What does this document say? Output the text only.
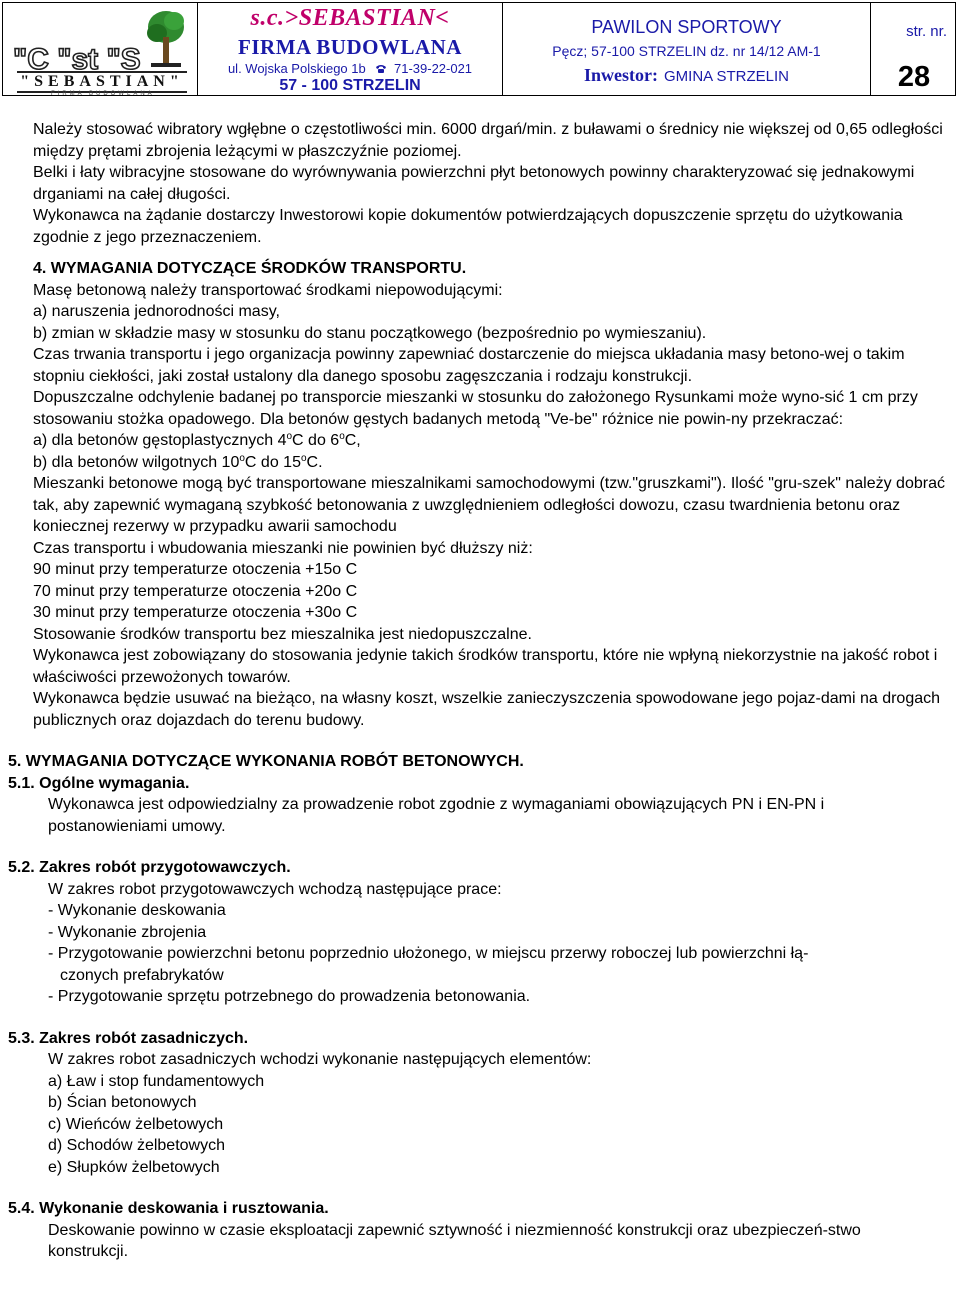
ʺC ʺst ʺS
"SEBASTIAN"
FIRMA BUDOWLANA
s.c.>SEBASTIAN<
FIRMA BUDOWLANA
ul. Wojska Polskiego 1b 71-39-22-021
57 - 100 STRZELIN
PAWILON SPORTOWY
Pęcz; 57-100 STRZELIN dz. nr 14/12 AM-1
Inwestor: GMINA STRZELIN
str. nr.
28

Należy stosować wibratory wgłębne o częstotliwości min. 6000 drgań/min. z buławami o średnicy nie większej od 0,65 odległości między prętami zbrojenia leżącymi w płaszczyźnie poziomej.

Belki i łaty wibracyjne stosowane do wyrównywania powierzchni płyt betonowych powinny charakteryzować się jednakowymi drganiami na całej długości.

Wykonawca na żądanie dostarczy Inwestorowi kopie dokumentów potwierdzających dopuszczenie sprzętu do użytkowania zgodnie z jego przeznaczeniem.

4. WYMAGANIA DOTYCZĄCE ŚRODKÓW TRANSPORTU.

Masę betonową należy transportować środkami niepowodującymi:

a) naruszenia jednorodności masy,

b) zmian w składzie masy w stosunku do stanu początkowego (bezpośrednio po wymieszaniu).

Czas trwania transportu i jego organizacja powinny zapewniać dostarczenie do miejsca układania masy betono-wej o takim stopniu ciekłości, jaki został ustalony dla danego sposobu zagęszczania i rodzaju konstrukcji.

Dopuszczalne odchylenie badanej po transporcie mieszanki w stosunku do założonego Rysunkami może wyno-sić 1 cm przy stosowaniu stożka opadowego. Dla betonów gęstych badanych metodą "Ve-be" różnice nie powin-ny przekraczać:

a) dla betonów gęstoplastycznych 4$^o$C do 6$^o$C,

b) dla betonów wilgotnych 10$^o$C do 15$^o$C.

Mieszanki betonowe mogą być transportowane mieszalnikami samochodowymi (tzw."gruszkami"). Ilość "gru-szek" należy dobrać tak, aby zapewnić wymaganą szybkość betonowania z uwzględnieniem odległości dowozu, czasu twardnienia betonu oraz koniecznej rezerwy w przypadku awarii samochodu

Czas transportu i wbudowania mieszanki nie powinien być dłuższy niż:

90 minut przy temperaturze otoczenia +15o C

70 minut przy temperaturze otoczenia +20o C

30 minut przy temperaturze otoczenia +30o C

Stosowanie środków transportu bez mieszalnika jest niedopuszczalne.

Wykonawca jest zobowiązany do stosowania jedynie takich środków transportu, które nie wpłyną niekorzystnie na jakość robot i właściwości przewożonych towarów.

Wykonawca będzie usuwać na bieżąco, na własny koszt, wszelkie zanieczyszczenia spowodowane jego pojaz-dami na drogach publicznych oraz dojazdach do terenu budowy.

5. WYMAGANIA DOTYCZĄCE WYKONANIA ROBÓT BETONOWYCH.

5.1. Ogólne wymagania.

Wykonawca jest odpowiedzialny za prowadzenie robot zgodnie z wymaganiami obowiązujących PN i EN-PN i postanowieniami umowy.

5.2. Zakres robót przygotowawczych.

W zakres robot przygotowawczych wchodzą następujące prace:

- Wykonanie deskowania

- Wykonanie zbrojenia

- Przygotowanie powierzchni betonu poprzednio ułożonego, w miejscu przerwy roboczej lub powierzchni łą-

czonych prefabrykatów

- Przygotowanie sprzętu potrzebnego do prowadzenia betonowania.

5.3. Zakres robót zasadniczych.

W zakres robot zasadniczych wchodzi wykonanie następujących elementów:

a) Ław i stop fundamentowych

b) Ścian betonowych

c) Wieńców żelbetowych

d) Schodów żelbetowych

e) Słupków żelbetowych

5.4. Wykonanie deskowania i rusztowania.

Deskowanie powinno w czasie eksploatacji zapewnić sztywność i niezmienność konstrukcji oraz ubezpieczeń-stwo konstrukcji.
